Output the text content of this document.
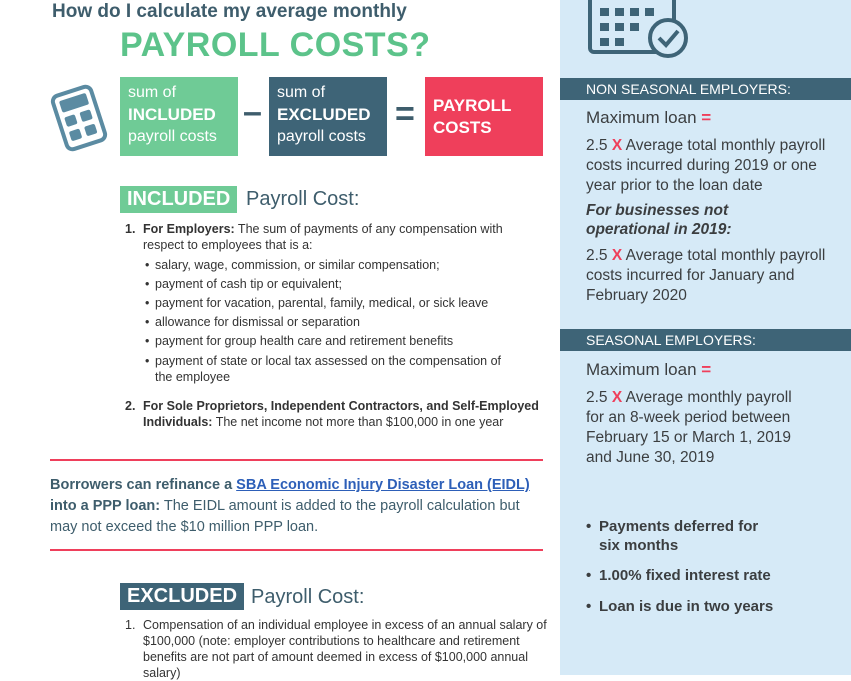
How do I calculate my average monthly
PAYROLL COSTS?
sum of
INCLUDED
payroll costs
–
sum of
EXCLUDED
payroll costs
= PAYROLL
COSTS
INCLUDED Payroll Cost:
1. For Employers: The sum of payments of any compensation with respect to employees that is a:
• salary, wage, commission, or similar compensation;
• payment of cash tip or equivalent;
• payment for vacation, parental, family, medical, or sick leave
• allowance for dismissal or separation
• payment for group health care and retirement benefits
• payment of state or local tax assessed on the compensation of the employee
2. For Sole Proprietors, Independent Contractors, and Self-Employed Individuals: The net income not more than $100,000 in one year
Borrowers can refinance a SBA Economic Injury Disaster Loan (EIDL)
into a PPP loan: The EIDL amount is added to the payroll calculation but may not exceed the $10 million PPP loan.
EXCLUDED Payroll Cost:
1. Compensation of an individual employee in excess of an annual salary of $100,000 (note: employer contributions to healthcare and retirement benefits are not part of amount deemed in excess of $100,000 annual salary)
NON SEASONAL EMPLOYERS:
Maximum loan =
2.5 X Average total monthly payroll costs incurred during 2019 or one year prior to the loan date
For businesses not operational in 2019:
2.5 X Average total monthly payroll costs incurred for January and February 2020
SEASONAL EMPLOYERS:
Maximum loan =
2.5 X Average monthly payroll for an 8-week period between February 15 or March 1, 2019 and June 30, 2019
• Payments deferred for six months
• 1.00% fixed interest rate
• Loan is due in two years
